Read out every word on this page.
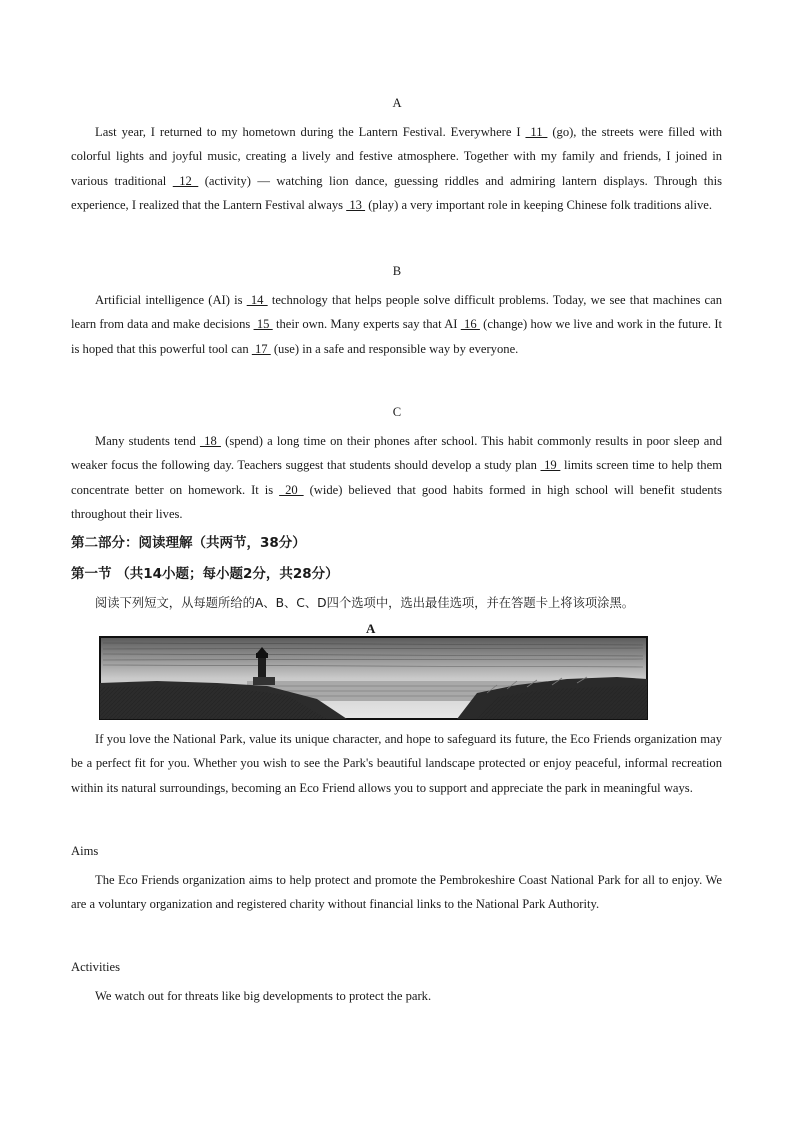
A

Last year, I returned to my hometown during the Lantern Festival. Everywhere I  11  (go), the streets were filled with colorful lights and joyful music, creating a lively and festive atmosphere. Together with my family and friends, I joined in various traditional  12  (activity) — watching lion dance, guessing riddles and admiring lantern displays. Through this experience, I realized that the Lantern Festival always  13  (play) a very important role in keeping Chinese folk traditions alive.

B

Artificial intelligence (AI) is  14  technology that helps people solve difficult problems. Today, we see that machines can learn from data and make decisions  15  their own. Many experts say that AI  16  (change) how we live and work in the future. It is hoped that this powerful tool can  17  (use) in a safe and responsible way by everyone.

C

Many students tend  18  (spend) a long time on their phones after school. This habit commonly results in poor sleep and weaker focus the following day. Teachers suggest that students should develop a study plan  19  limits screen time to help them concentrate better on homework. It is  20  (wide) believed that good habits formed in high school will benefit students throughout their lives.

第二部分：阅读理解（共两节，38分）

第一节 （共14小题；每小题2分，共28分）

阅读下列短文，从每题所给的A、B、C、D四个选项中，选出最佳选项，并在答题卡上将该项涂黑。

A

If you love the National Park, value its unique character, and hope to safeguard its future, the Eco Friends organization may be a perfect fit for you. Whether you wish to see the Park's beautiful landscape protected or enjoy peaceful, informal recreation within its natural surroundings, becoming an Eco Friend allows you to support and appreciate the park in meaningful ways.

Aims

The Eco Friends organization aims to help protect and promote the Pembrokeshire Coast National Park for all to enjoy. We are a voluntary organization and registered charity without financial links to the National Park Authority.

Activities

We watch out for threats like big developments to protect the park.
